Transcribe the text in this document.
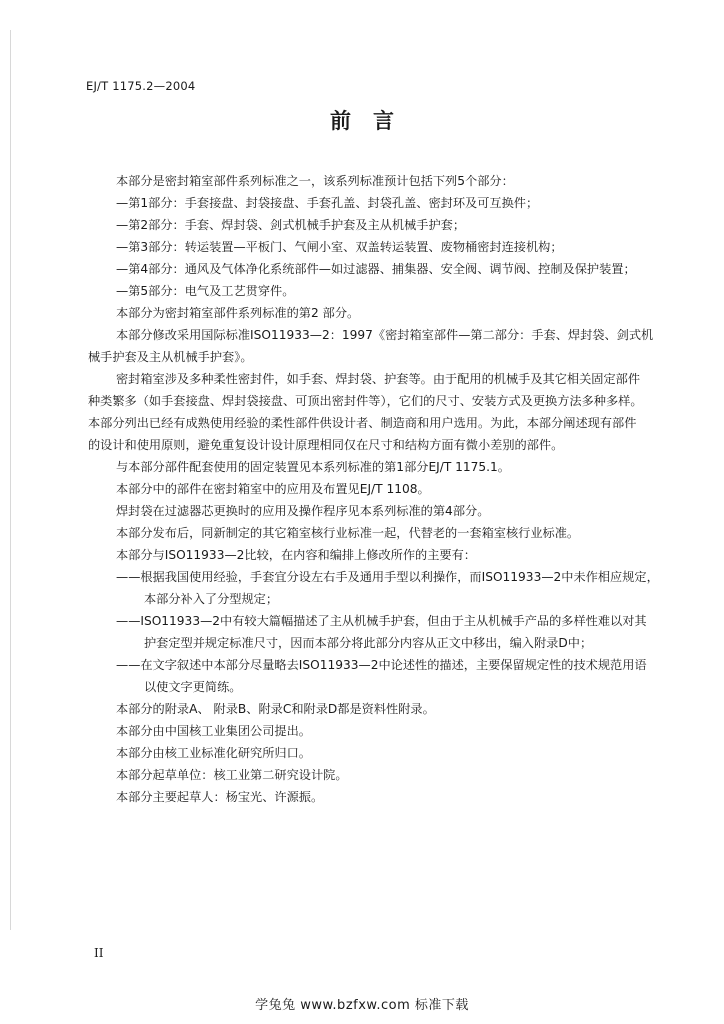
EJ/T 1175.2—2004
前言

本部分是密封箱室部件系列标准之一，该系列标准预计包括下列5个部分：

—第1部分：手套接盘、封袋接盘、手套孔盖、封袋孔盖、密封环及可互换件；

—第2部分：手套、焊封袋、剑式机械手护套及主从机械手护套；

—第3部分：转运装置—平板门、气闸小室、双盖转运装置、废物桶密封连接机构；

—第4部分：通风及气体净化系统部件—如过滤器、捕集器、安全阀、调节阀、控制及保护装置；

—第5部分：电气及工艺贯穿件。

本部分为密封箱室部件系列标准的第2 部分。

本部分修改采用国际标准ISO11933—2：1997《密封箱室部件—第二部分：手套、焊封袋、剑式机

械手护套及主从机械手护套》。

密封箱室涉及多种柔性密封件，如手套、焊封袋、护套等。由于配用的机械手及其它相关固定部件

种类繁多（如手套接盘、焊封袋接盘、可顶出密封件等），它们的尺寸、安装方式及更换方法多种多样。

本部分列出已经有成熟使用经验的柔性部件供设计者、制造商和用户选用。为此，本部分阐述现有部件

的设计和使用原则，避免重复设计设计原理相同仅在尺寸和结构方面有微小差别的部件。

与本部分部件配套使用的固定装置见本系列标准的第1部分EJ/T 1175.1。

本部分中的部件在密封箱室中的应用及布置见EJ/T 1108。

焊封袋在过滤器芯更换时的应用及操作程序见本系列标准的第4部分。

本部分发布后，同新制定的其它箱室核行业标准一起，代替老的一套箱室核行业标准。

本部分与ISO11933—2比较，在内容和编排上修改所作的主要有：

——根据我国使用经验，手套宜分设左右手及通用手型以利操作，而ISO11933—2中未作相应规定，

本部分补入了分型规定；

——ISO11933—2中有较大篇幅描述了主从机械手护套，但由于主从机械手产品的多样性难以对其

护套定型并规定标准尺寸，因而本部分将此部分内容从正文中移出，编入附录D中；

——在文字叙述中本部分尽量略去ISO11933—2中论述性的描述，主要保留规定性的技术规范用语

以使文字更简练。

本部分的附录A、 附录B、附录C和附录D都是资料性附录。

本部分由中国核工业集团公司提出。

本部分由核工业标准化研究所归口。

本部分起草单位：核工业第二研究设计院。

本部分主要起草人：杨宝光、许源振。

II
学兔兔 www.bzfxw.com 标准下载
